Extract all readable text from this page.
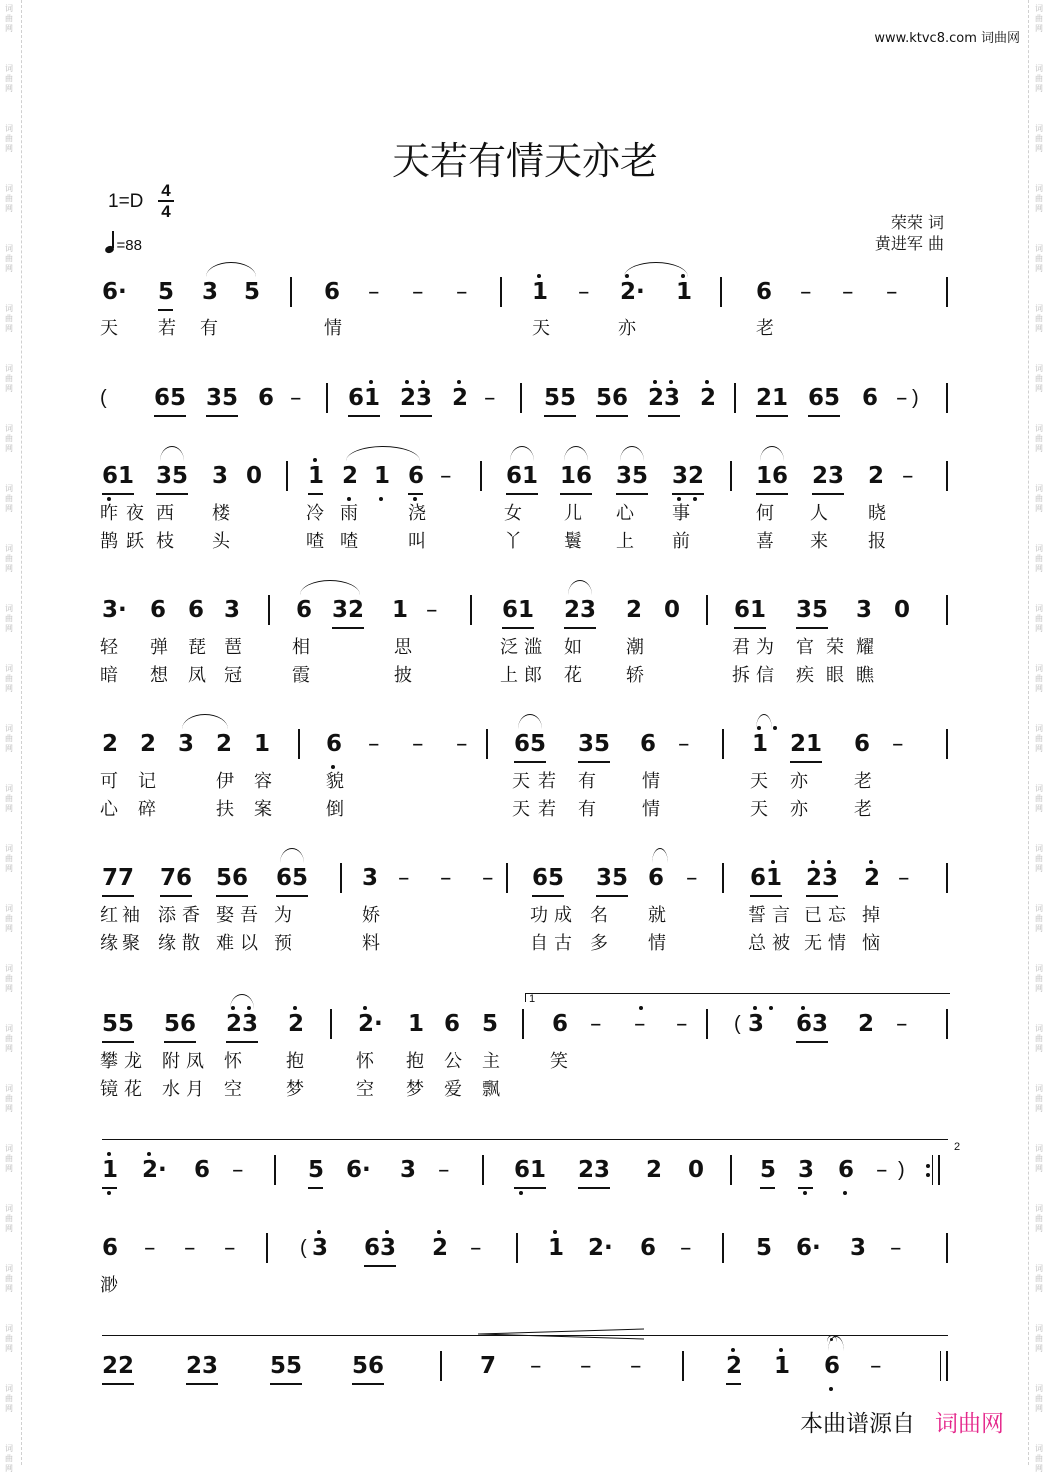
词
曲
网
词
曲
网
词
曲
网
词
曲
网
词
曲
网
词
曲
网
词
曲
网
词
曲
网
词
曲
网
词
曲
网
词
曲
网
词
曲
网
词
曲
网
词
曲
网
词
曲
网
词
曲
网
词
曲
网
词
曲
网
词
曲
网
词
曲
网
词
曲
网
词
曲
网
词
曲
网
词
曲
网
词
曲
网
词
曲
网
词
曲
网
词
曲
网
词
曲
网
词
曲
网
词
曲
网
词
曲
网
词
曲
网
词
曲
网
词
曲
网
词
曲
网
词
曲
网
词
曲
网
词
曲
网
词
曲
网
词
曲
网
词
曲
网
词
曲
网
词
曲
网
词
曲
网
词
曲
网
词
曲
网
词
曲
网
词
曲
网
词
曲
网
www.ktvc8.com 词曲网
天若有情天亦老
1=D
4
4
=88
荣荣 词
黄进军 曲
6· 5 3 5	6 – – –	1 – 2· 1	6 – – –
( 65 35 6 – 61 23 2 – 55 56 23 2 21 65 6 – )
61 35 3 0 1 2 1 6 – 61 16 35 32 16 23 2 –
3· 6 6 3 6 32 1 –	61 23 2 0 61 35 3 0
2 2 3 2 1 6 – – – 65 35 6 –	1 21 6 –
77 76 56 65 3 – – – 65 35 6 – 61 23 2 –
55 56 23 2 2· 1 6 5 6 – – – ( 3 63 2 –
1 2· 6 –	5 6· 3 –	61 23 2 0 5 3 6 – )
6 – – –	( 3 63 2 –	1 2· 6 –	5 6· 3 –
22 23 55 56	7 – – –	2 1 6 –
1
2
天 若 有	情	天	亦	老
昨 夜 西 楼	冷 雨	浇	女 儿 心 事	何 人 晓
鹊 跃 枝 头	喳 喳	叫	丫 鬟 上 前	喜 来 报
轻 弹 琵 琶	相	思	泛 滥 如 潮	君 为 官 荣 耀
暗 想 凤 冠	霞	披	上 郎 花 轿	拆 信 疾 眼 瞧
可 记	伊 容	貌	天 若 有	情	天 亦	老
心 碎	扶 案	倒	天 若 有	情	天 亦	老
红 袖 添 香 娶 吾 为	娇	功 成 名 就	誓 言 已 忘 掉
缘 聚 缘 散 难 以 预	料	自 古 多 情	总 被 无 情 恼
攀 龙 附 凤 怀 抱	怀 抱 公 主	笑
镜 花 水 月 空 梦	空 梦 爱 飘
渺
本曲谱源自 词曲网
